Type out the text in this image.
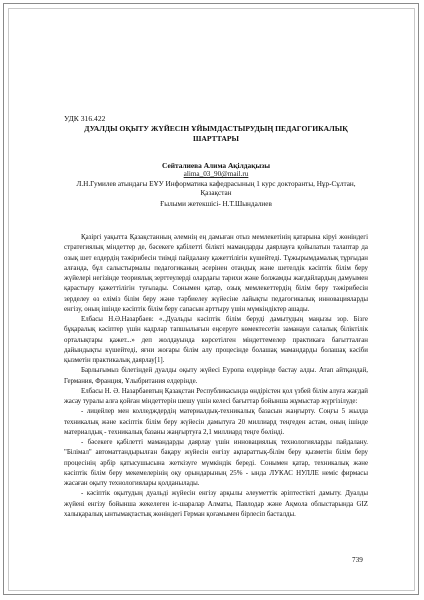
УДК 316.422
ДУАЛДЫ ОҚЫТУ ЖҮЙЕСІН ҰЙЫМДАСТЫРУДЫҢ ПЕДАГОГИКАЛЫҚ
ШАРТТАРЫ
Сейталиева Алима Ақілдақызы
alima_03_90@mail.ru
Л.Н.Гумилев атындағы ЕҰУ Информатика кафедрасының 1 курс докторанты, Нұр-Сұлтан,
Қазақстан
Ғылыми жетекшісі- Н.Т.Шындалиев

Қазіргі уақытта Қазақстанның әлемнің ең дамыған отыз мемлекетінің қатарына кіруі жөніндегі стратегиялық міндеттер де, бәсекеге қабілетті білікті мамандарды даярлауға қойылатын талаптар да озық шет елдердің тәжірибесін тиімді пайдалану қажеттілігін күшейтеді. Тұжырымдамалық тұрғыдан алғанда, бұл салыстырмалы педагогиканың әсерінен отандық және шетелдік кәсіптік білім беру жүйелері негізінде теориялық зерттеулерді олардағы тарихи және болжамды жағдайлардың дамуымен қарастыру қажеттілігін туғызады. Сонымен қатар, озық мемлекеттердің білім беру тәжірибесін зерделеу өз еліміз білім беру және тәрбиелеу жүйесіне лайықты педагогикалық инновацияларды енгізу, оның ішінде кәсіптік білім беру сапасын арттыру үшін мүмкіндіктер ашады.

Елбасы Н.Ә.Назарбаев: «..Дуальды кәсіптік білім беруді дамытудың маңызы зор. Бізге бұқаралық кәсіптер үшін кадрлар тапшылығын еңсеруге көмектесетін заманауи салалық біліктілік орталықтары қажет...» деп жолдауында көрсетілген міндеттемелер практикаға бағытталған дайындықты күшейтеді, яғни жоғары білім алу процесінде болашақ мамандарды болашақ кәсіби қызметін практикалық даярлау[1].

Барлығымыз білетіндей дуалды оқыту жүйесі Еуропа елдерінде бастау алды. Атап айтқандай, Германия, Франция, Ұлыбритания елдерінде.

Елбасы Н. Ә. Назарбаевтың Қазақстан Республикасында өндірістен қол үзбей білім алуға жағдай жасау туралы алға қойған міндеттерін шешу үшін келесі бағыттар бойынша жұмыстар жүргізілуде:

- лицейлер мен колледждердің материалдық-техникалық базасын жаңғырту. Соңғы 5 жылда техникалық және кәсіптік білім беру жүйесін дамытуға 20 миллиард теңгеден астам, оның ішінде материалдық - техникалық базаны жаңғыртуға 2,1 миллиард теңге бөлінді.

- бәсекеге қабілетті мамандарды даярлау үшін инновациялық технологияларды пайдалану. "Білімал" автоматтандырылған бақару жүйесін енгізу ақпараттық-білім беру қызметін білім беру процесінің әрбір қатысушысына жеткізуге мүмкіндік береді. Сонымен қатар, техникалық және кәсіптік білім беру мекемелерінің оқу орындарының 25% - ында ЛУКАС НУЛЛЕ неміс фирмасы жасаған оқыту технологиялары қолданылады.

- кәсіптік оқытудың дуальді жүйесін енгізу арқылы әлеуметтік әріптестікті дамыту. Дуалды жүйені енгізу бойынша жекелеген іс-шаралар Алматы, Павлодар және Ақмола облыстарында GIZ халықаралық ынтымақтастық жөніндегі Герман қоғамымен бірлесіп басталды.

739
